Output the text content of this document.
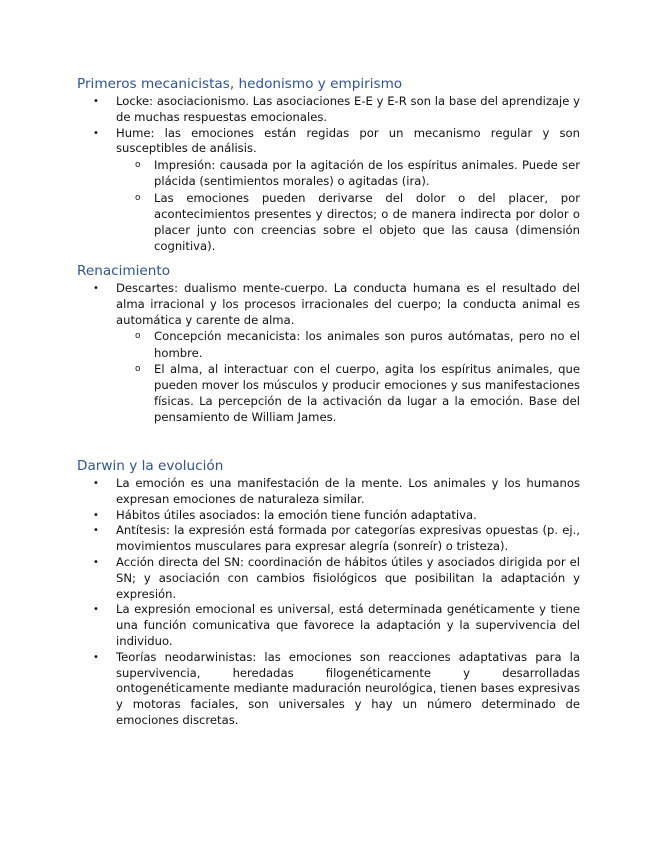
Primeros mecanicistas, hedonismo y empirismo
• Locke: asociacionismo. Las asociaciones E-E y E-R son la base del aprendizaje y de muchas respuestas emocionales.
• Hume: las emociones están regidas por un mecanismo regular y son susceptibles de análisis.
o Impresión: causada por la agitación de los espíritus animales. Puede ser plácida (sentimientos morales) o agitadas (ira).
o Las emociones pueden derivarse del dolor o del placer, por acontecimientos presentes y directos; o de manera indirecta por dolor o placer junto con creencias sobre el objeto que las causa (dimensión cognitiva).
Renacimiento
• Descartes: dualismo mente-cuerpo. La conducta humana es el resultado del alma irracional y los procesos irracionales del cuerpo; la conducta animal es automática y carente de alma.
o Concepción mecanicista: los animales son puros autómatas, pero no el hombre.
o El alma, al interactuar con el cuerpo, agita los espíritus animales, que pueden mover los músculos y producir emociones y sus manifestaciones físicas. La percepción de la activación da lugar a la emoción. Base del pensamiento de William James.
Darwin y la evolución
• La emoción es una manifestación de la mente. Los animales y los humanos expresan emociones de naturaleza similar.
• Hábitos útiles asociados: la emoción tiene función adaptativa.
• Antítesis: la expresión está formada por categorías expresivas opuestas (p. ej., movimientos musculares para expresar alegría (sonreír) o tristeza).
• Acción directa del SN: coordinación de hábitos útiles y asociados dirigida por el SN; y asociación con cambios fisiológicos que posibilitan la adaptación y expresión.
• La expresión emocional es universal, está determinada genéticamente y tiene una función comunicativa que favorece la adaptación y la supervivencia del individuo.
• Teorías neodarwinistas: las emociones son reacciones adaptativas para la supervivencia, heredadas filogenéticamente y desarrolladas ontogenéticamente mediante maduración neurológica, tienen bases expresivas y motoras faciales, son universales y hay un número determinado de emociones discretas.
